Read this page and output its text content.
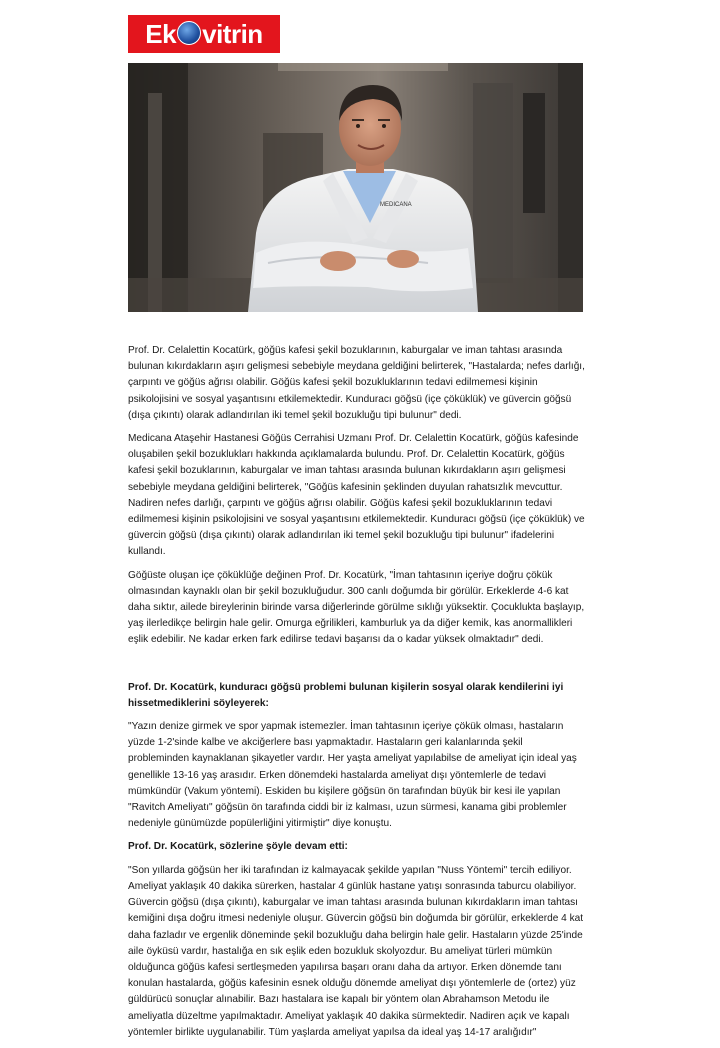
Ek vitrin
MEDICANA

Prof. Dr. Celalettin Kocatürk, göğüs kafesi şekil bozuklarının, kaburgalar ve iman tahtası arasında bulunan kıkırdakların aşırı gelişmesi sebebiyle meydana geldiğini belirterek, "Hastalarda; nefes darlığı, çarpıntı ve göğüs ağrısı olabilir. Göğüs kafesi şekil bozukluklarının tedavi edilmemesi kişinin psikolojisini ve sosyal yaşantısını etkilemektedir. Kunduracı göğsü (içe çöküklük) ve güvercin göğsü (dışa çıkıntı) olarak adlandırılan iki temel şekil bozukluğu tipi bulunur" dedi.

Medicana Ataşehir Hastanesi Göğüs Cerrahisi Uzmanı Prof. Dr. Celalettin Kocatürk, göğüs kafesinde oluşabilen şekil bozuklukları hakkında açıklamalarda bulundu. Prof. Dr. Celalettin Kocatürk, göğüs kafesi şekil bozuklarının, kaburgalar ve iman tahtası arasında bulunan kıkırdakların aşırı gelişmesi sebebiyle meydana geldiğini belirterek, "Göğüs kafesinin şeklinden duyulan rahatsızlık mevcuttur. Nadiren nefes darlığı, çarpıntı ve göğüs ağrısı olabilir. Göğüs kafesi şekil bozukluklarının tedavi edilmemesi kişinin psikolojisini ve sosyal yaşantısını etkilemektedir. Kunduracı göğsü (içe çöküklük) ve güvercin göğsü (dışa çıkıntı) olarak adlandırılan iki temel şekil bozukluğu tipi bulunur" ifadelerini kullandı.

Göğüste oluşan içe çöküklüğe değinen Prof. Dr. Kocatürk, "İman tahtasının içeriye doğru çökük olmasından kaynaklı olan bir şekil bozukluğudur. 300 canlı doğumda bir görülür. Erkeklerde 4-6 kat daha sıktır, ailede bireylerinin birinde varsa diğerlerinde görülme sıklığı yüksektir. Çocuklukta başlayıp, yaş ilerledikçe belirgin hale gelir. Omurga eğrilikleri, kamburluk ya da diğer kemik, kas anormallikleri eşlik edebilir. Ne kadar erken fark edilirse tedavi başarısı da o kadar yüksek olmaktadır" dedi.

Prof. Dr. Kocatürk, kunduracı göğsü problemi bulunan kişilerin sosyal olarak kendilerini iyi hissetmediklerini söyleyerek:

"Yazın denize girmek ve spor yapmak istemezler. İman tahtasının içeriye çökük olması, hastaların yüzde 1-2'sinde kalbe ve akciğerlere bası yapmaktadır. Hastaların geri kalanlarında şekil probleminden kaynaklanan şikayetler vardır. Her yaşta ameliyat yapılabilse de ameliyat için ideal yaş genellikle 13-16 yaş arasıdır. Erken dönemdeki hastalarda ameliyat dışı yöntemlerle de tedavi mümkündür (Vakum yöntemi). Eskiden bu kişilere göğsün ön tarafından büyük bir kesi ile yapılan "Ravitch Ameliyatı" göğsün ön tarafında ciddi bir iz kalması, uzun sürmesi, kanama gibi problemler nedeniyle günümüzde popülerliğini yitirmiştir" diye konuştu.

Prof. Dr. Kocatürk, sözlerine şöyle devam etti:

"Son yıllarda göğsün her iki tarafından iz kalmayacak şekilde yapılan "Nuss Yöntemi" tercih ediliyor. Ameliyat yaklaşık 40 dakika sürerken, hastalar 4 günlük hastane yatışı sonrasında taburcu olabiliyor. Güvercin göğsü (dışa çıkıntı), kaburgalar ve iman tahtası arasında bulunan kıkırdakların iman tahtası kemiğini dışa doğru itmesi nedeniyle oluşur. Güvercin göğsü bin doğumda bir görülür, erkeklerde 4 kat daha fazladır ve ergenlik döneminde şekil bozukluğu daha belirgin hale gelir. Hastaların yüzde 25'inde aile öyküsü vardır, hastalığa en sık eşlik eden bozukluk skolyozdur. Bu ameliyat türleri mümkün olduğunca göğüs kafesi sertleşmeden yapılırsa başarı oranı daha da artıyor. Erken dönemde tanı konulan hastalarda, göğüs kafesinin esnek olduğu dönemde ameliyat dışı yöntemlerle de (ortez) yüz güldürücü sonuçlar alınabilir. Bazı hastalara ise kapalı bir yöntem olan Abrahamson Metodu ile ameliyatla düzeltme yapılmaktadır. Ameliyat yaklaşık 40 dakika sürmektedir. Nadiren açık ve kapalı yöntemler birlikte uygulanabilir. Tüm yaşlarda ameliyat yapılsa da ideal yaş 14-17 aralığıdır"
